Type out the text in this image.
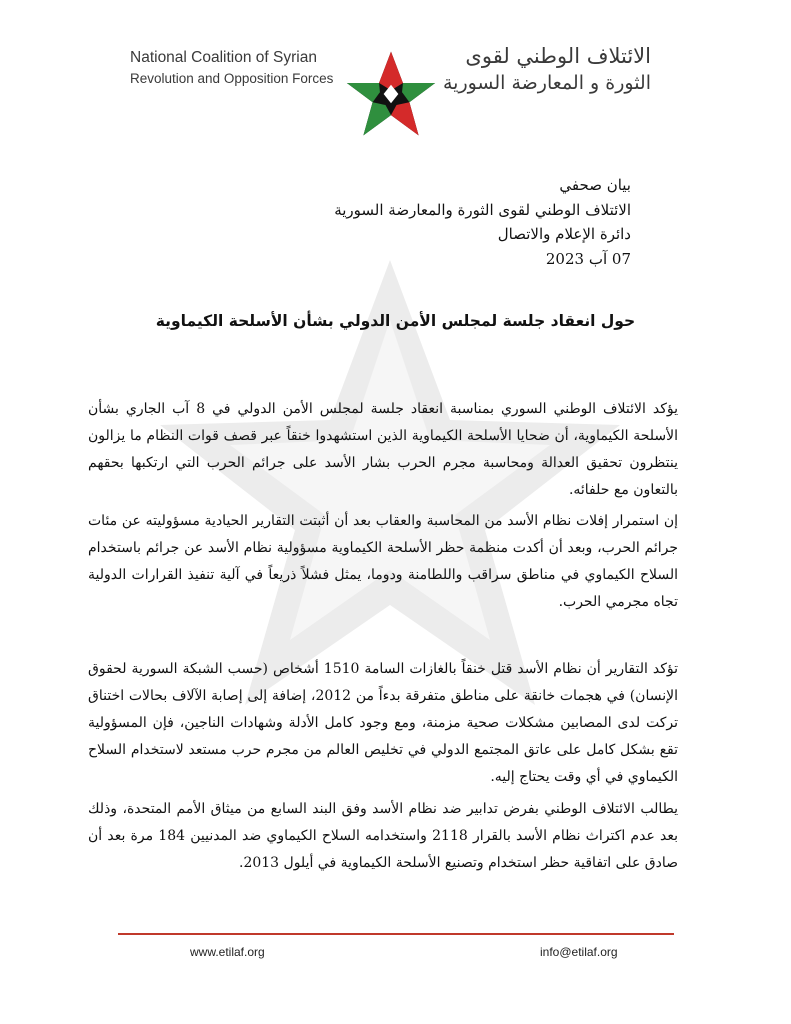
National Coalition of Syrian
Revolution and Opposition Forces
الائتلاف الوطني لقوى
الثورة و المعارضة السورية
بيان صحفي
الائتلاف الوطني لقوى الثورة والمعارضة السورية
دائرة الإعلام والاتصال
07 آب 2023
حول انعقاد جلسة لمجلس الأمن الدولي بشأن الأسلحة الكيماوية

يؤكد الائتلاف الوطني السوري بمناسبة انعقاد جلسة لمجلس الأمن الدولي في 8 آب الجاري بشأن الأسلحة الكيماوية، أن ضحايا الأسلحة الكيماوية الذين استشهدوا خنقاً عبر قصف قوات النظام ما يزالون ينتظرون تحقيق العدالة ومحاسبة مجرم الحرب بشار الأسد على جرائم الحرب التي ارتكبها بحقهم بالتعاون مع حلفائه.

إن استمرار إفلات نظام الأسد من المحاسبة والعقاب بعد أن أثبتت التقارير الحيادية مسؤوليته عن مئات جرائم الحرب، وبعد أن أكدت منظمة حظر الأسلحة الكيماوية مسؤولية نظام الأسد عن جرائم باستخدام السلاح الكيماوي في مناطق سراقب واللطامنة ودوما، يمثل فشلاً ذريعاً في آلية تنفيذ القرارات الدولية تجاه مجرمي الحرب.

تؤكد التقارير أن نظام الأسد قتل خنقاً بالغازات السامة 1510 أشخاص (حسب الشبكة السورية لحقوق الإنسان) في هجمات خانقة على مناطق متفرقة بدءاً من 2012، إضافة إلى إصابة الآلاف بحالات اختناق تركت لدى المصابين مشكلات صحية مزمنة، ومع وجود كامل الأدلة وشهادات الناجين، فإن المسؤولية تقع بشكل كامل على عاتق المجتمع الدولي في تخليص العالم من مجرم حرب مستعد لاستخدام السلاح الكيماوي في أي وقت يحتاج إليه.

يطالب الائتلاف الوطني بفرض تدابير ضد نظام الأسد وفق البند السابع من ميثاق الأمم المتحدة، وذلك بعد عدم اكتراث نظام الأسد بالقرار 2118 واستخدامه السلاح الكيماوي ضد المدنيين 184 مرة بعد أن صادق على اتفاقية حظر استخدام وتصنيع الأسلحة الكيماوية في أيلول 2013.

www.etilaf.org	info@etilaf.org
